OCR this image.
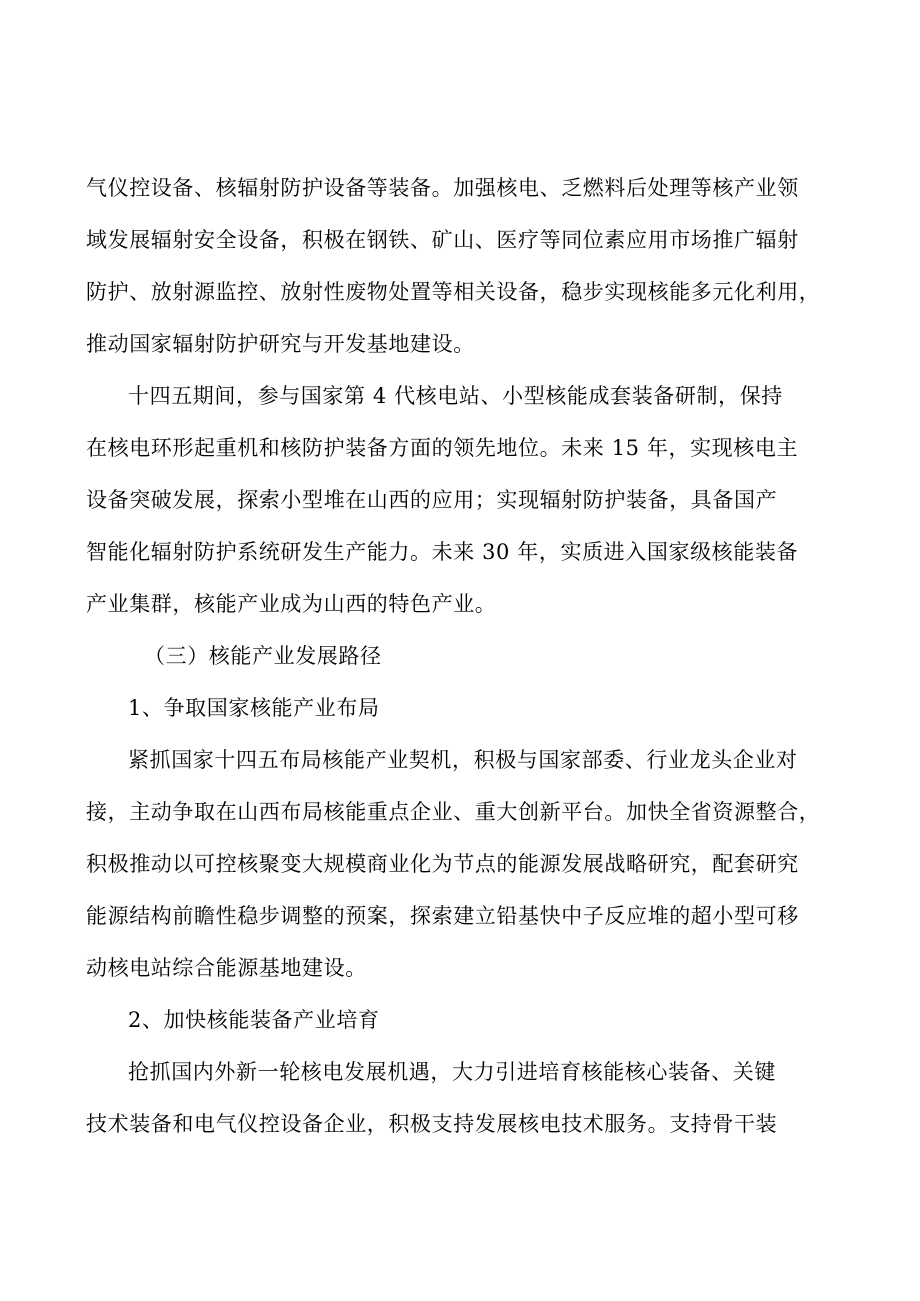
气仪控设备、核辐射防护设备等装备。加强核电、乏燃料后处理等核产业领
域发展辐射安全设备，积极在钢铁、矿山、医疗等同位素应用市场推广辐射
防护、放射源监控、放射性废物处置等相关设备，稳步实现核能多元化利用，
推动国家辐射防护研究与开发基地建设。
十四五期间，参与国家第 4 代核电站、小型核能成套装备研制，保持
在核电环形起重机和核防护装备方面的领先地位。未来 15 年，实现核电主
设备突破发展，探索小型堆在山西的应用；实现辐射防护装备，具备国产
智能化辐射防护系统研发生产能力。未来 30 年，实质进入国家级核能装备
产业集群，核能产业成为山西的特色产业。
（三）核能产业发展路径
1、争取国家核能产业布局
紧抓国家十四五布局核能产业契机，积极与国家部委、行业龙头企业对
接，主动争取在山西布局核能重点企业、重大创新平台。加快全省资源整合，
积极推动以可控核聚变大规模商业化为节点的能源发展战略研究，配套研究
能源结构前瞻性稳步调整的预案，探索建立铅基快中子反应堆的超小型可移
动核电站综合能源基地建设。
2、加快核能装备产业培育
抢抓国内外新一轮核电发展机遇，大力引进培育核能核心装备、关键
技术装备和电气仪控设备企业，积极支持发展核电技术服务。支持骨干装
